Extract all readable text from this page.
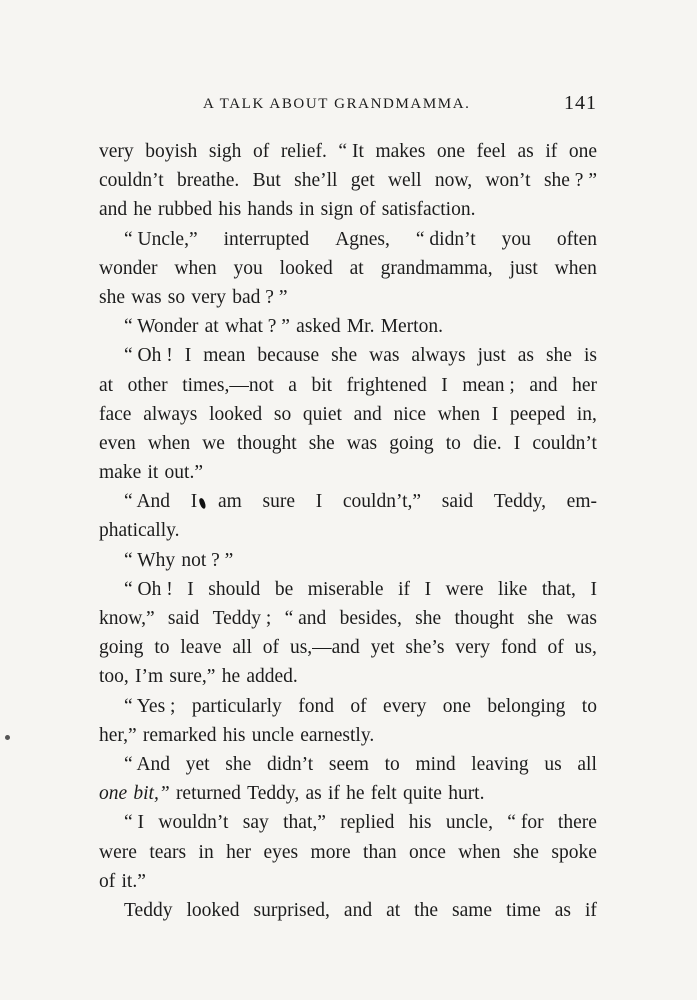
A TALK ABOUT GRANDMAMMA.	141
very boyish sigh of relief. “ It makes one feel as if one
couldn’t breathe. But she’ll get well now, won’t she ? ”
and he rubbed his hands in sign of satisfaction.
“ Uncle,” interrupted Agnes, “ didn’t you often
wonder when you looked at grandmamma, just when
she was so very bad ? ”
“ Wonder at what ? ” asked Mr. Merton.
“ Oh ! I mean because she was always just as she is
at other times,—not a bit frightened I mean ; and her
face always looked so quiet and nice when I peeped in,
even when we thought she was going to die. I couldn’t
make it out.”
“ And I am sure I couldn’t,” said Teddy, em-
phatically.
“ Why not ? ”
“ Oh ! I should be miserable if I were like that, I
know,” said Teddy ; “ and besides, she thought she was
going to leave all of us,—and yet she’s very fond of us,
too, I’m sure,” he added.
“ Yes ; particularly fond of every one belonging to
her,” remarked his uncle earnestly.
“ And yet she didn’t seem to mind leaving us all
one bit,” returned Teddy, as if he felt quite hurt.
“ I wouldn’t say that,” replied his uncle, “ for there
were tears in her eyes more than once when she spoke
of it.”
Teddy looked surprised, and at the same time as if
